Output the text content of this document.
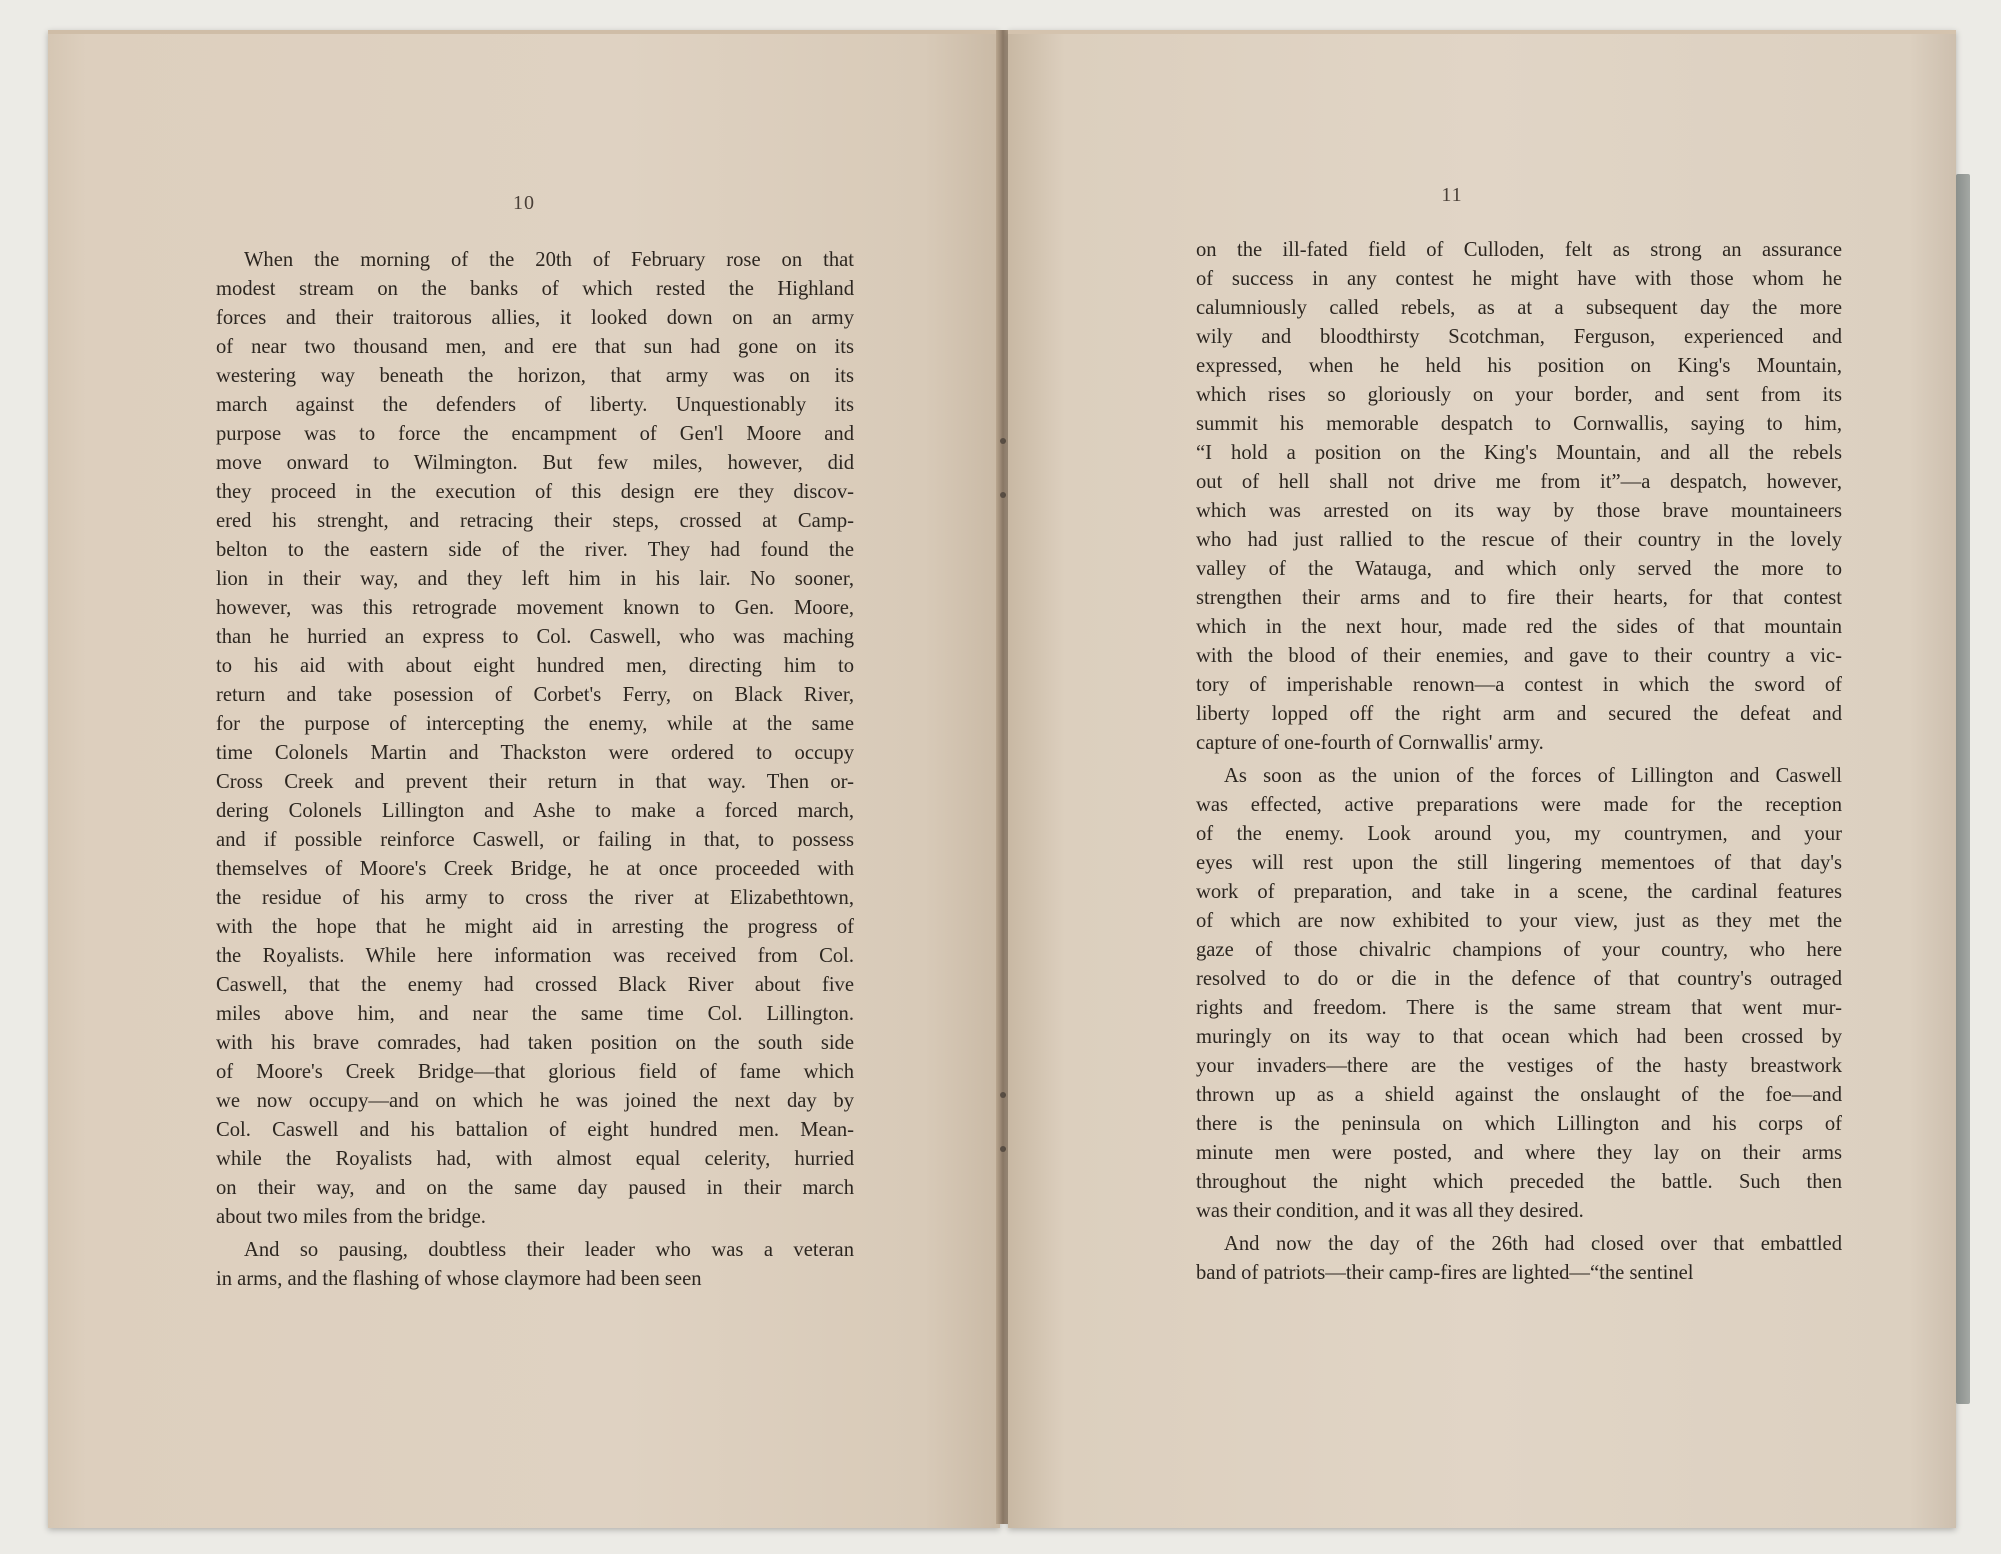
10
When the morning of the 20th of February rose on that
modest stream on the banks of which rested the Highland
forces and their traitorous allies, it looked down on an army
of near two thousand men, and ere that sun had gone on its
westering way beneath the horizon, that army was on its
march against the defenders of liberty. Unquestionably its
purpose was to force the encampment of Gen'l Moore and
move onward to Wilmington. But few miles, however, did
they proceed in the execution of this design ere they discov-
ered his strenght, and retracing their steps, crossed at Camp-
belton to the eastern side of the river. They had found the
lion in their way, and they left him in his lair. No sooner,
however, was this retrograde movement known to Gen. Moore,
than he hurried an express to Col. Caswell, who was maching
to his aid with about eight hundred men, directing him to
return and take posession of Corbet's Ferry, on Black River,
for the purpose of intercepting the enemy, while at the same
time Colonels Martin and Thackston were ordered to occupy
Cross Creek and prevent their return in that way. Then or-
dering Colonels Lillington and Ashe to make a forced march,
and if possible reinforce Caswell, or failing in that, to possess
themselves of Moore's Creek Bridge, he at once proceeded with
the residue of his army to cross the river at Elizabethtown,
with the hope that he might aid in arresting the progress of
the Royalists. While here information was received from Col.
Caswell, that the enemy had crossed Black River about five
miles above him, and near the same time Col. Lillington.
with his brave comrades, had taken position on the south side
of Moore's Creek Bridge—that glorious field of fame which
we now occupy—and on which he was joined the next day by
Col. Caswell and his battalion of eight hundred men. Mean-
while the Royalists had, with almost equal celerity, hurried
on their way, and on the same day paused in their march
about two miles from the bridge.
And so pausing, doubtless their leader who was a veteran
in arms, and the flashing of whose claymore had been seen
11
on the ill-fated field of Culloden, felt as strong an assurance
of success in any contest he might have with those whom he
calumniously called rebels, as at a subsequent day the more
wily and bloodthirsty Scotchman, Ferguson, experienced and
expressed, when he held his position on King's Mountain,
which rises so gloriously on your border, and sent from its
summit his memorable despatch to Cornwallis, saying to him,
“I hold a position on the King's Mountain, and all the rebels
out of hell shall not drive me from it”—a despatch, however,
which was arrested on its way by those brave mountaineers
who had just rallied to the rescue of their country in the lovely
valley of the Watauga, and which only served the more to
strengthen their arms and to fire their hearts, for that contest
which in the next hour, made red the sides of that mountain
with the blood of their enemies, and gave to their country a vic-
tory of imperishable renown—a contest in which the sword of
liberty lopped off the right arm and secured the defeat and
capture of one-fourth of Cornwallis' army.
As soon as the union of the forces of Lillington and Caswell
was effected, active preparations were made for the reception
of the enemy. Look around you, my countrymen, and your
eyes will rest upon the still lingering mementoes of that day's
work of preparation, and take in a scene, the cardinal features
of which are now exhibited to your view, just as they met the
gaze of those chivalric champions of your country, who here
resolved to do or die in the defence of that country's outraged
rights and freedom. There is the same stream that went mur-
muringly on its way to that ocean which had been crossed by
your invaders—there are the vestiges of the hasty breastwork
thrown up as a shield against the onslaught of the foe—and
there is the peninsula on which Lillington and his corps of
minute men were posted, and where they lay on their arms
throughout the night which preceded the battle. Such then
was their condition, and it was all they desired.
And now the day of the 26th had closed over that embattled
band of patriots—their camp-fires are lighted—“the sentinel
